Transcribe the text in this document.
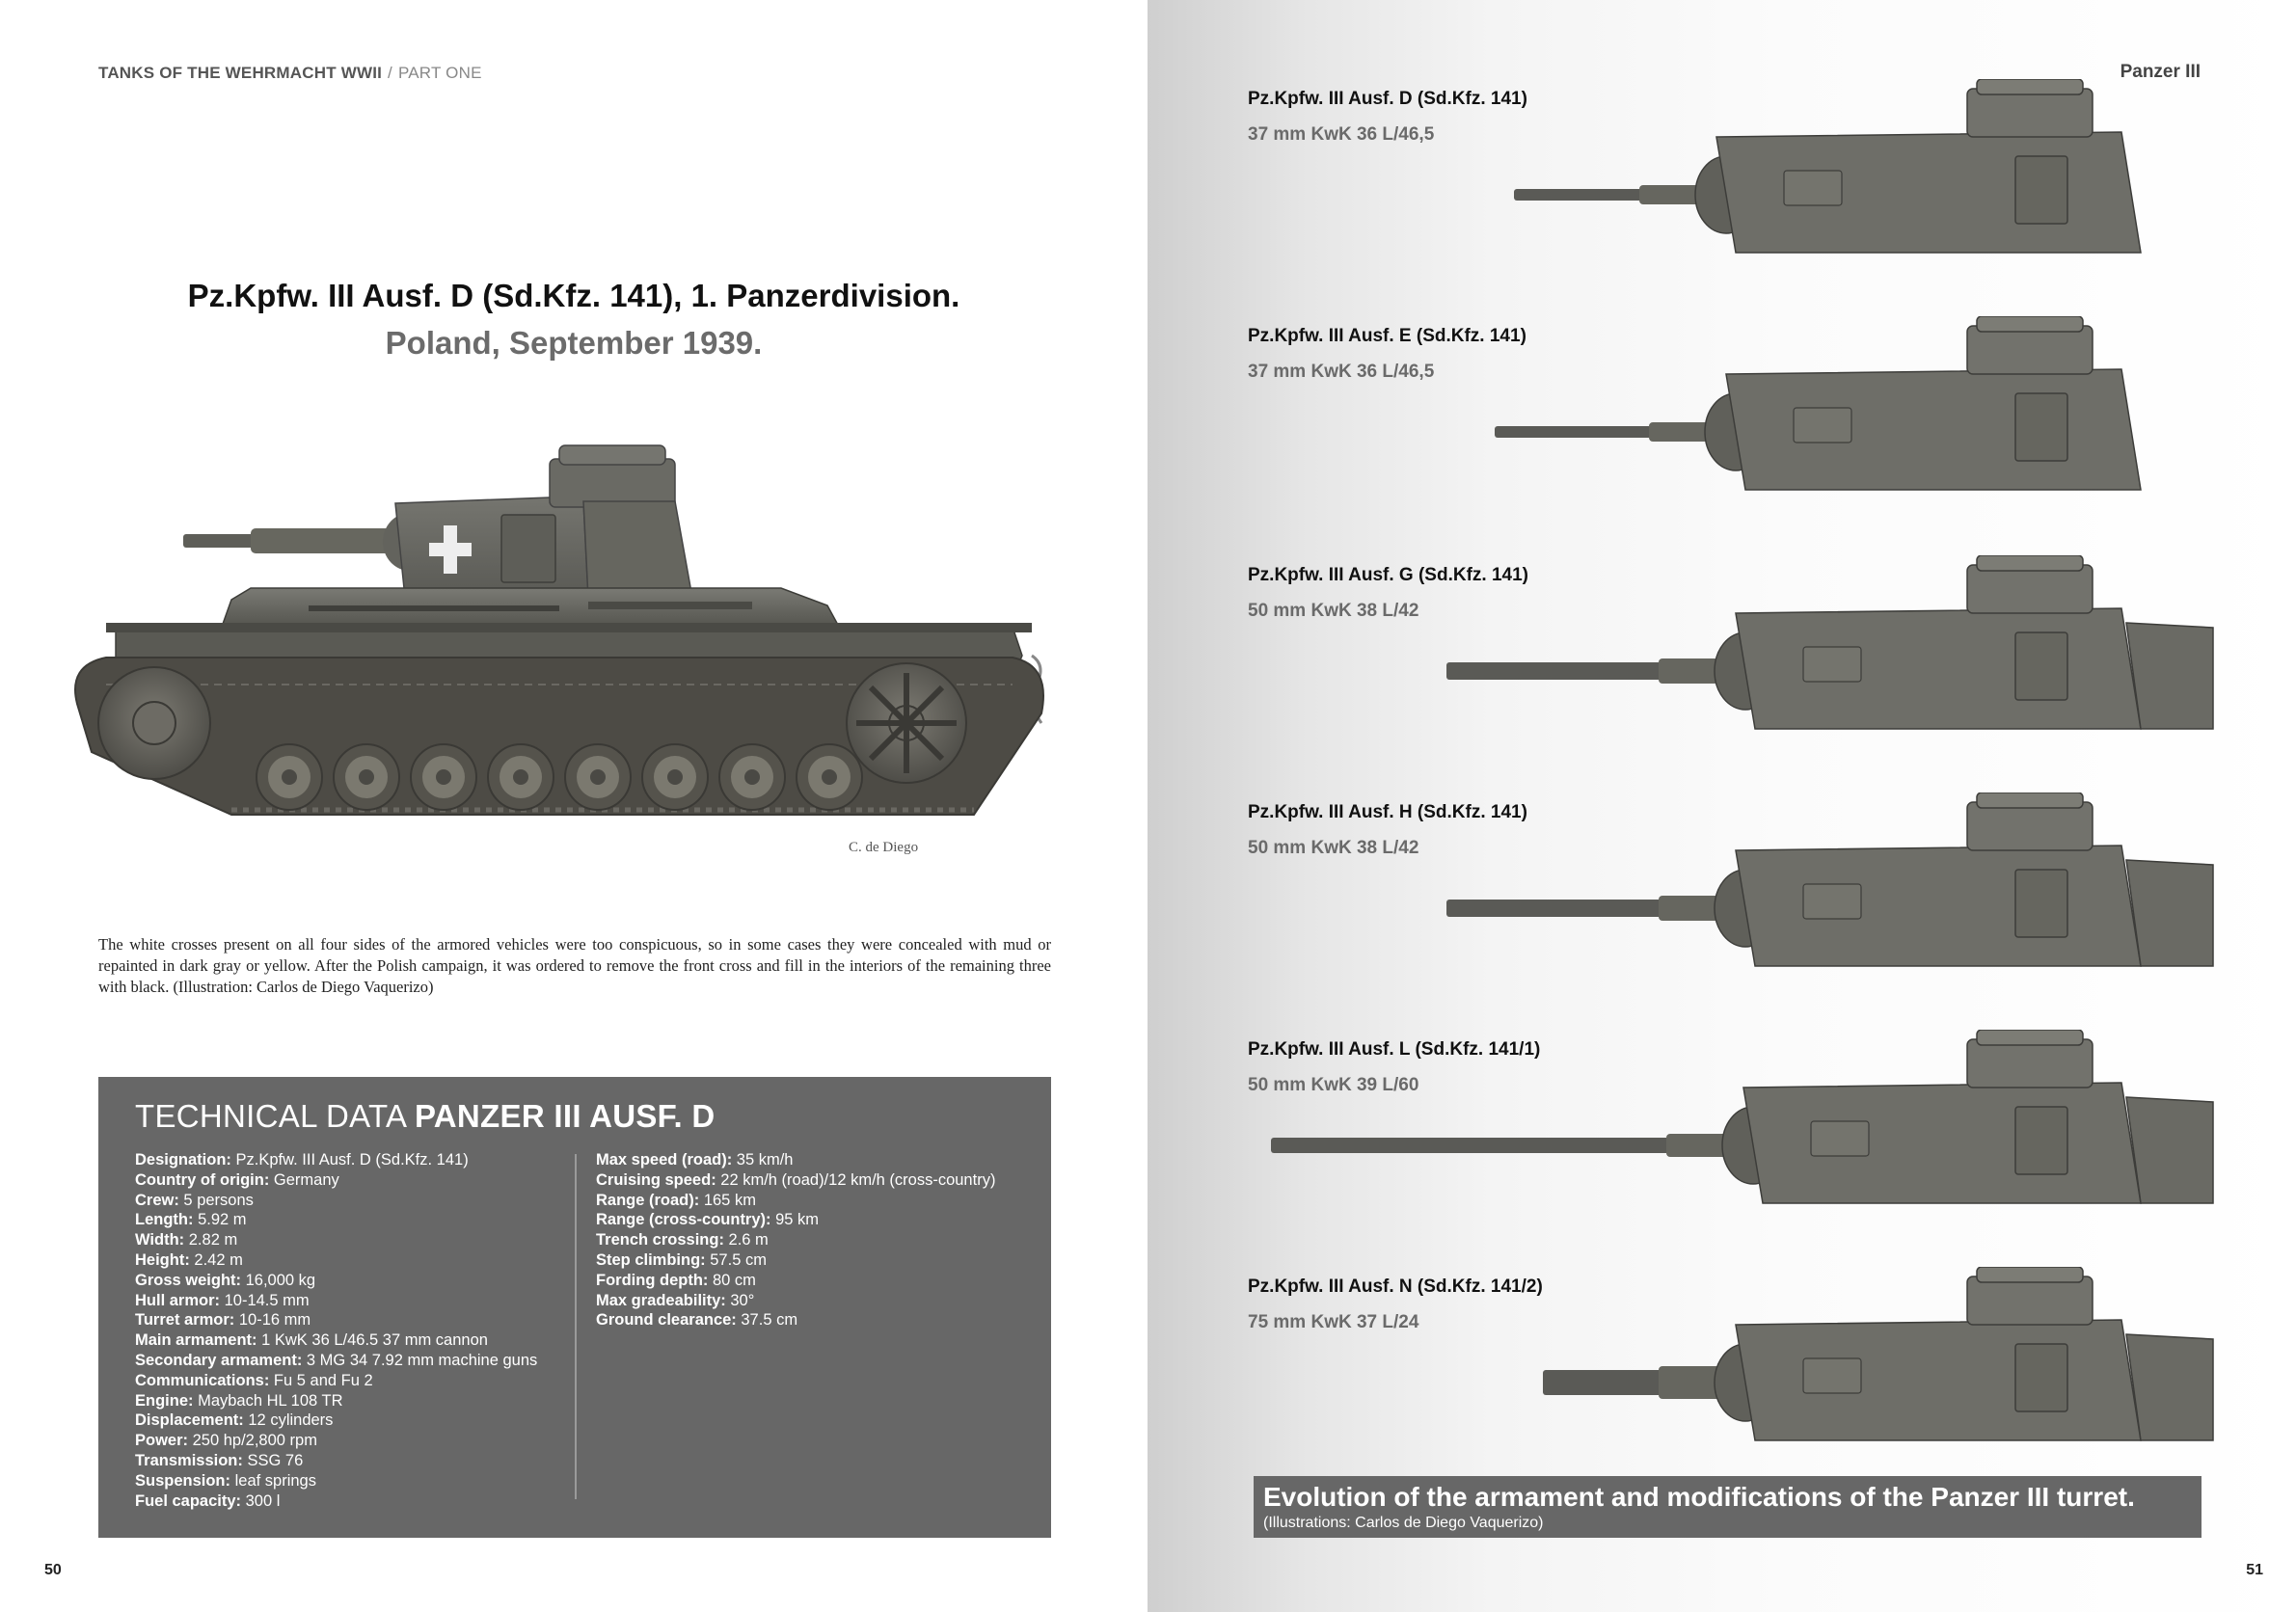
TANKS OF THE WEHRMACHT WWII / PART ONE
Pz.Kpfw. III Ausf. D (Sd.Kfz. 141), 1. Panzerdivision.
Poland, September 1939.
C. de Diego
The white crosses present on all four sides of the armored vehicles were too conspicuous, so in some cases they were concealed with mud or repainted in dark gray or yellow. After the Polish campaign, it was ordered to remove the front cross and fill in the interiors of the remaining three with black. (Illustration: Carlos de Diego Vaquerizo)
TECHNICAL DATA PANZER III AUSF. D
Designation: Pz.Kpfw. III Ausf. D (Sd.Kfz. 141)
Country of origin: Germany
Crew: 5 persons
Length: 5.92 m
Width: 2.82 m
Height: 2.42 m
Gross weight: 16,000 kg
Hull armor: 10-14.5 mm
Turret armor: 10-16 mm
Main armament: 1 KwK 36 L/46.5 37 mm cannon
Secondary armament: 3 MG 34 7.92 mm machine guns
Communications: Fu 5 and Fu 2
Engine: Maybach HL 108 TR
Displacement: 12 cylinders
Power: 250 hp/2,800 rpm
Transmission: SSG 76
Suspension: leaf springs
Fuel capacity: 300 l
Max speed (road): 35 km/h
Cruising speed: 22 km/h (road)/12 km/h (cross-country)
Range (road): 165 km
Range (cross-country): 95 km
Trench crossing: 2.6 m
Step climbing: 57.5 cm
Fording depth: 80 cm
Max gradeability: 30°
Ground clearance: 37.5 cm
50
Panzer III
Pz.Kpfw. III Ausf. D (Sd.Kfz. 141)
37 mm KwK 36 L/46,5
Pz.Kpfw. III Ausf. E (Sd.Kfz. 141)
37 mm KwK 36 L/46,5
Pz.Kpfw. III Ausf. G (Sd.Kfz. 141)
50 mm KwK 38 L/42
Pz.Kpfw. III Ausf. H (Sd.Kfz. 141)
50 mm KwK 38 L/42
Pz.Kpfw. III Ausf. L (Sd.Kfz. 141/1)
50 mm KwK 39 L/60
Pz.Kpfw. III Ausf. N (Sd.Kfz. 141/2)
75 mm KwK 37 L/24
Evolution of the armament and modifications of the Panzer III turret.
(Illustrations: Carlos de Diego Vaquerizo)
51
